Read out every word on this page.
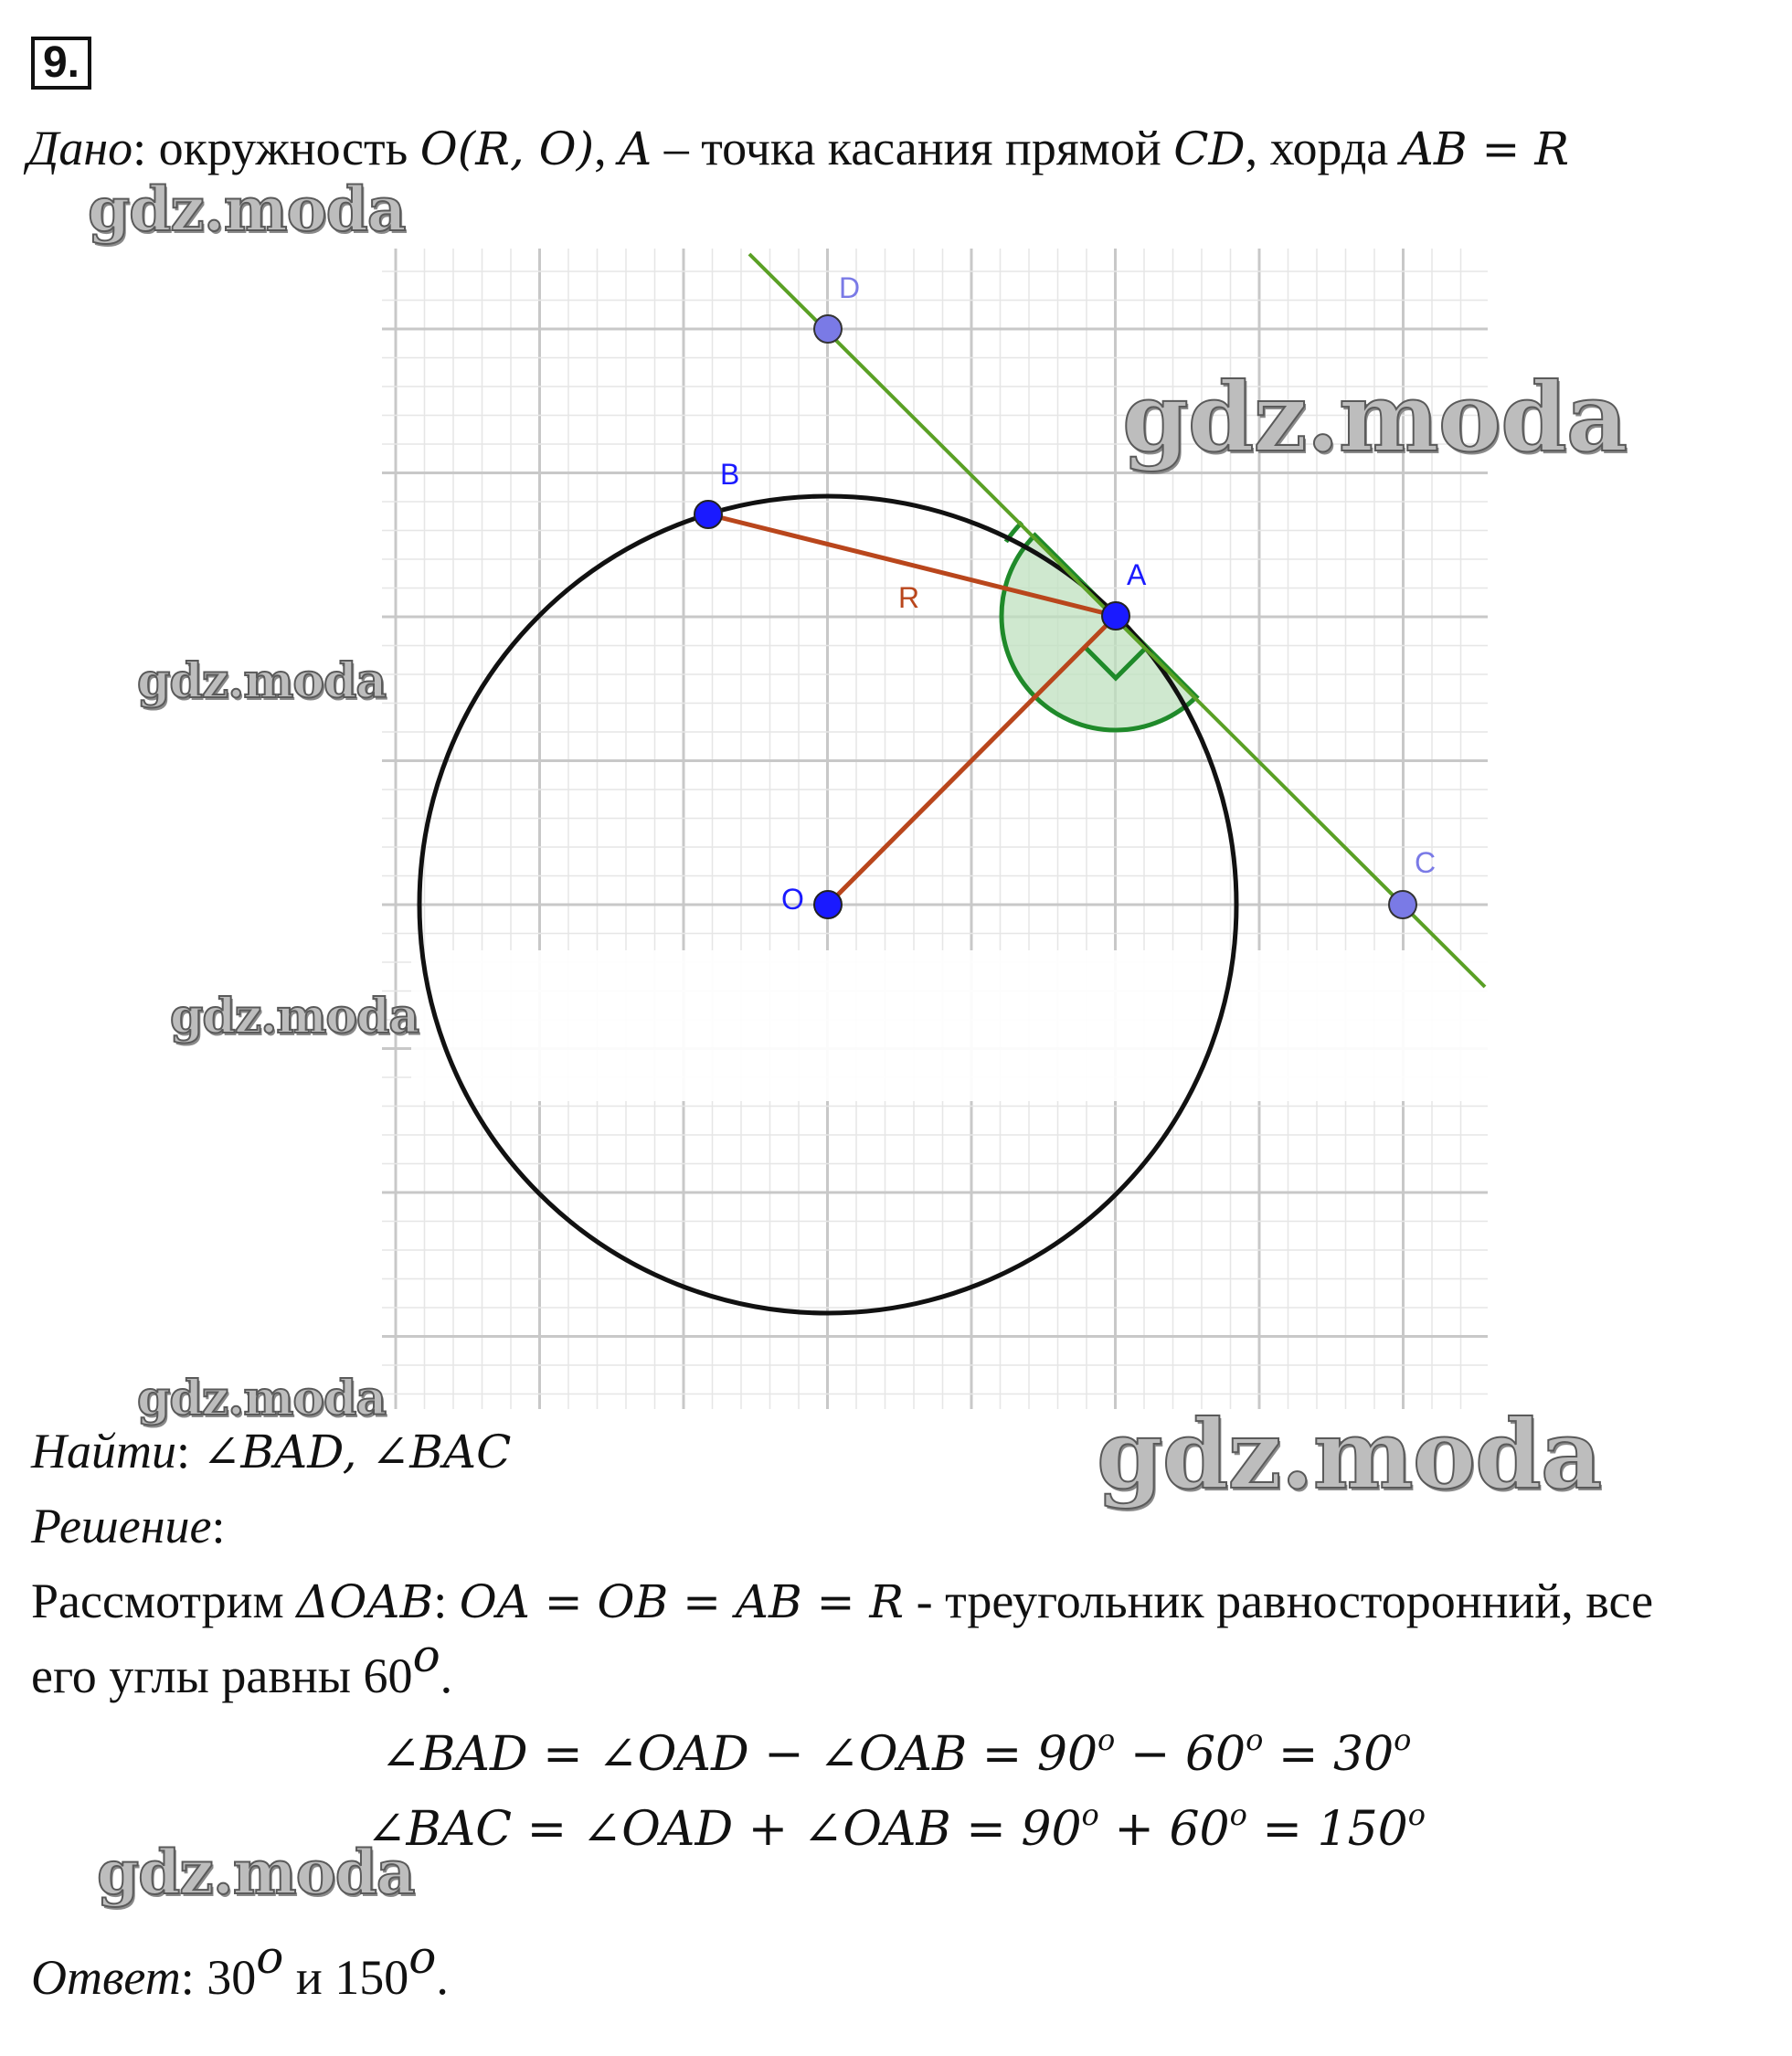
9.
Дано: окружность O(R, O), A – точка касания прямой CD, хорда AB = R
D
B
A
R
O
C
Найти: ∠BAD, ∠BAC
Решение:
Рассмотрим ΔOAB: OA = OB = AB = R - треугольник равносторонний, все
его углы равны 60$^o$.
∠BAD = ∠OAD − ∠OAB = $90^o - 60^o = 30^o$
∠BAC = ∠OAD + ∠OAB = $90^o + 60^o = 150^o$
Ответ: 30$^o$ и 150$^o$.
gdz.moda
gdz.moda
gdz.moda
gdz.moda
gdz.moda	gdz.moda
gdz.moda
